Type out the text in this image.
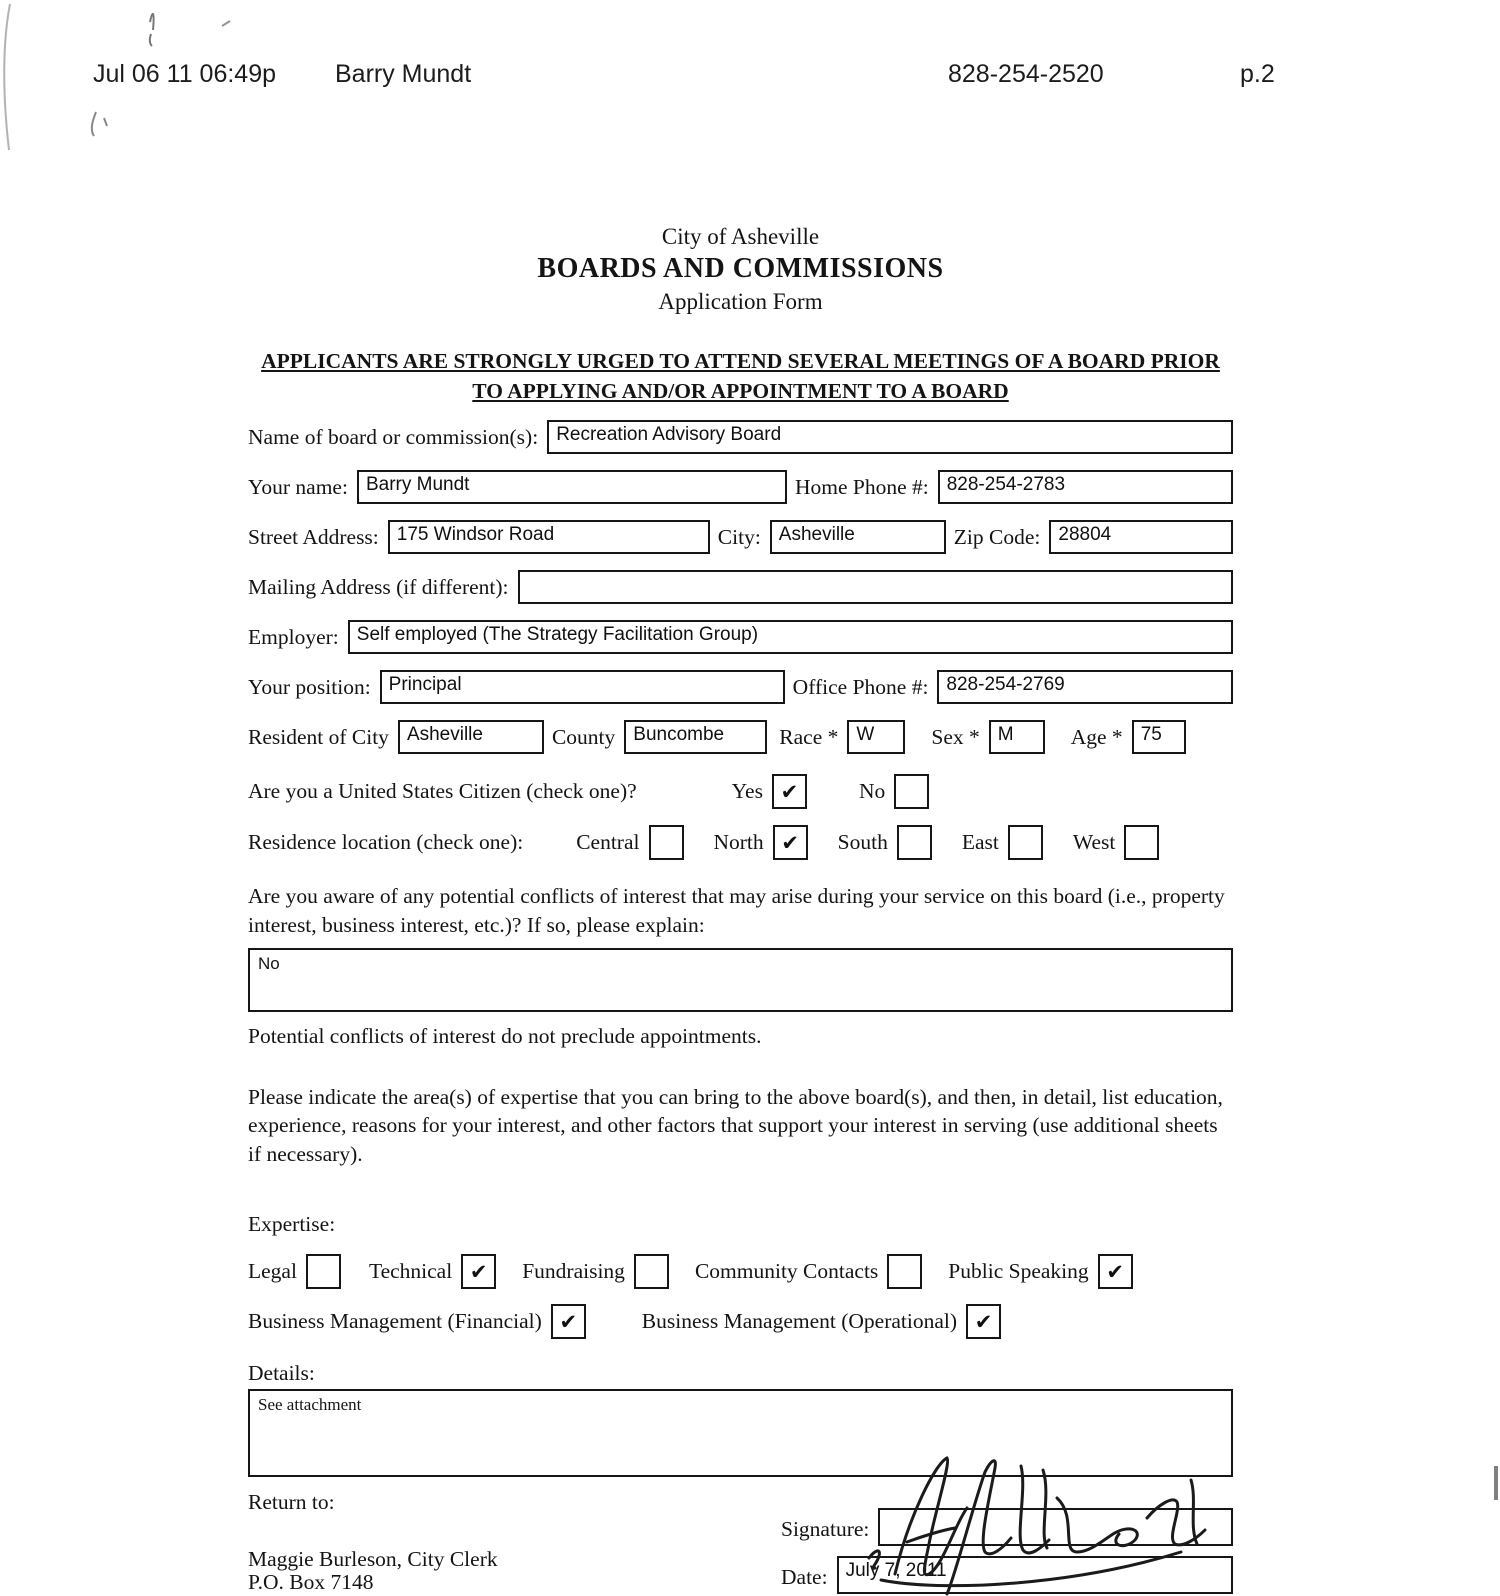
Jul 06 11 06:49p Barry Mundt	828-254-2520	p.2
City of Asheville
BOARDS AND COMMISSIONS
Application Form
APPLICANTS ARE STRONGLY URGED TO ATTEND SEVERAL MEETINGS OF A BOARD PRIOR
TO APPLYING AND/OR APPOINTMENT TO A BOARD
Name of board or commission(s): Recreation Advisory Board
Your name: Barry Mundt	Home Phone #: 828-254-2783
Street Address: 175 Windsor Road	City: Asheville	Zip Code: 28804
Mailing Address (if different):
Employer: Self employed (The Strategy Facilitation Group)
Your position: Principal	Office Phone #: 828-254-2769
Resident of City Asheville	County Buncombe	Race * W	Sex * M	Age * 75
Are you a United States Citizen (check one)?	Yes ✔	No
Residence location (check one):	Central	North ✔ South	East	West
Are you aware of any potential conflicts of interest that may arise during your service on this board (i.e., property interest, business interest, etc.)? If so, please explain:
No
Potential conflicts of interest do not preclude appointments.
Please indicate the area(s) of expertise that you can bring to the above board(s), and then, in detail, list education, experience, reasons for your interest, and other factors that support your interest in serving (use additional sheets if necessary).
Expertise:
Legal	Technical ✔ Fundraising	Community Contacts	Public Speaking ✔
Business Management (Financial) ✔	Business Management (Operational) ✔
Details:
See attachment
Return to:
Maggie Burleson, City Clerk
P.O. Box 7148
Signature:
Date: July 7, 2011
